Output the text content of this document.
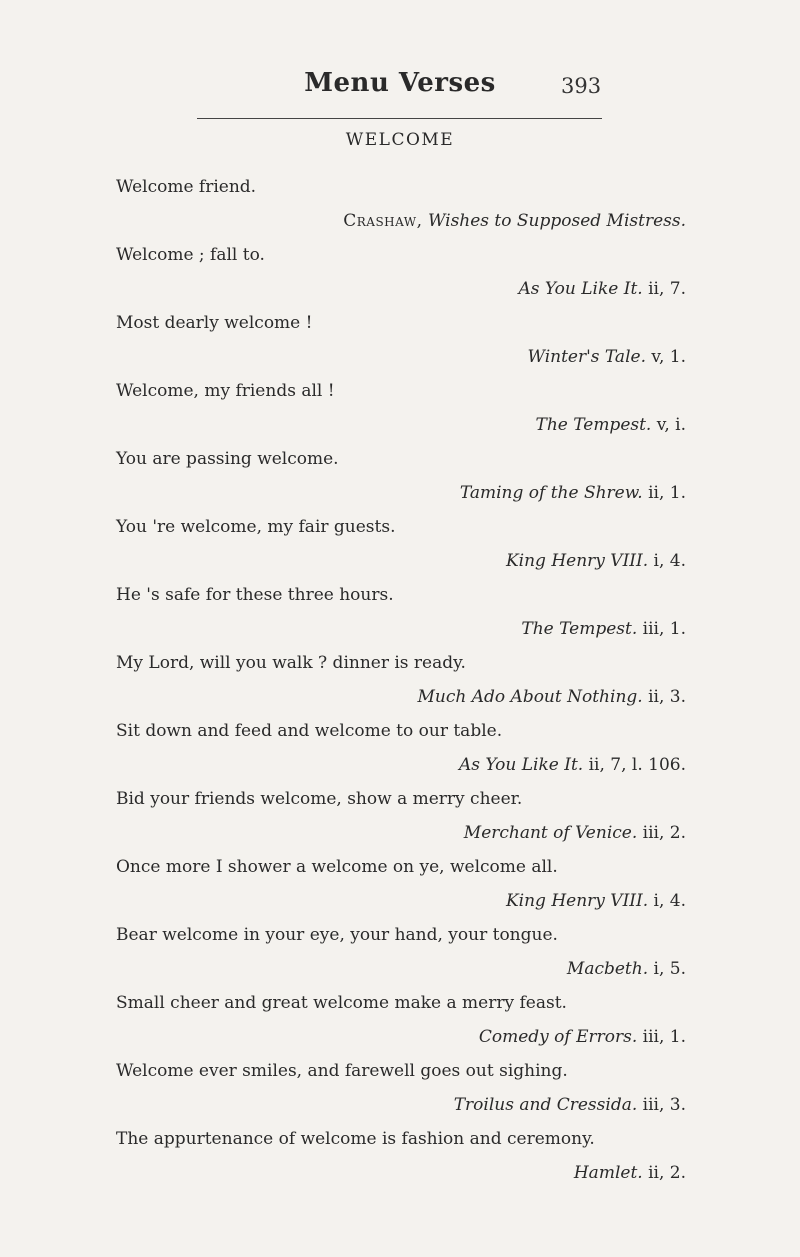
Menu Verses	393
WELCOME
Welcome friend.
Crashaw, Wishes to Supposed Mistress.
Welcome ; fall to.
As You Like It. ii, 7.
Most dearly welcome !
Winter's Tale. v, 1.
Welcome, my friends all !
The Tempest. v, i.
You are passing welcome.
Taming of the Shrew. ii, 1.
You 're welcome, my fair guests.
King Henry VIII. i, 4.
He 's safe for these three hours.
The Tempest. iii, 1.
My Lord, will you walk ? dinner is ready.
Much Ado About Nothing. ii, 3.
Sit down and feed and welcome to our table.
As You Like It. ii, 7, l. 106.
Bid your friends welcome, show a merry cheer.
Merchant of Venice. iii, 2.
Once more I shower a welcome on ye, welcome all.
King Henry VIII. i, 4.
Bear welcome in your eye, your hand, your tongue.
Macbeth. i, 5.
Small cheer and great welcome make a merry feast.
Comedy of Errors. iii, 1.
Welcome ever smiles, and farewell goes out sighing.
Troilus and Cressida. iii, 3.
The appurtenance of welcome is fashion and ceremony.
Hamlet. ii, 2.
